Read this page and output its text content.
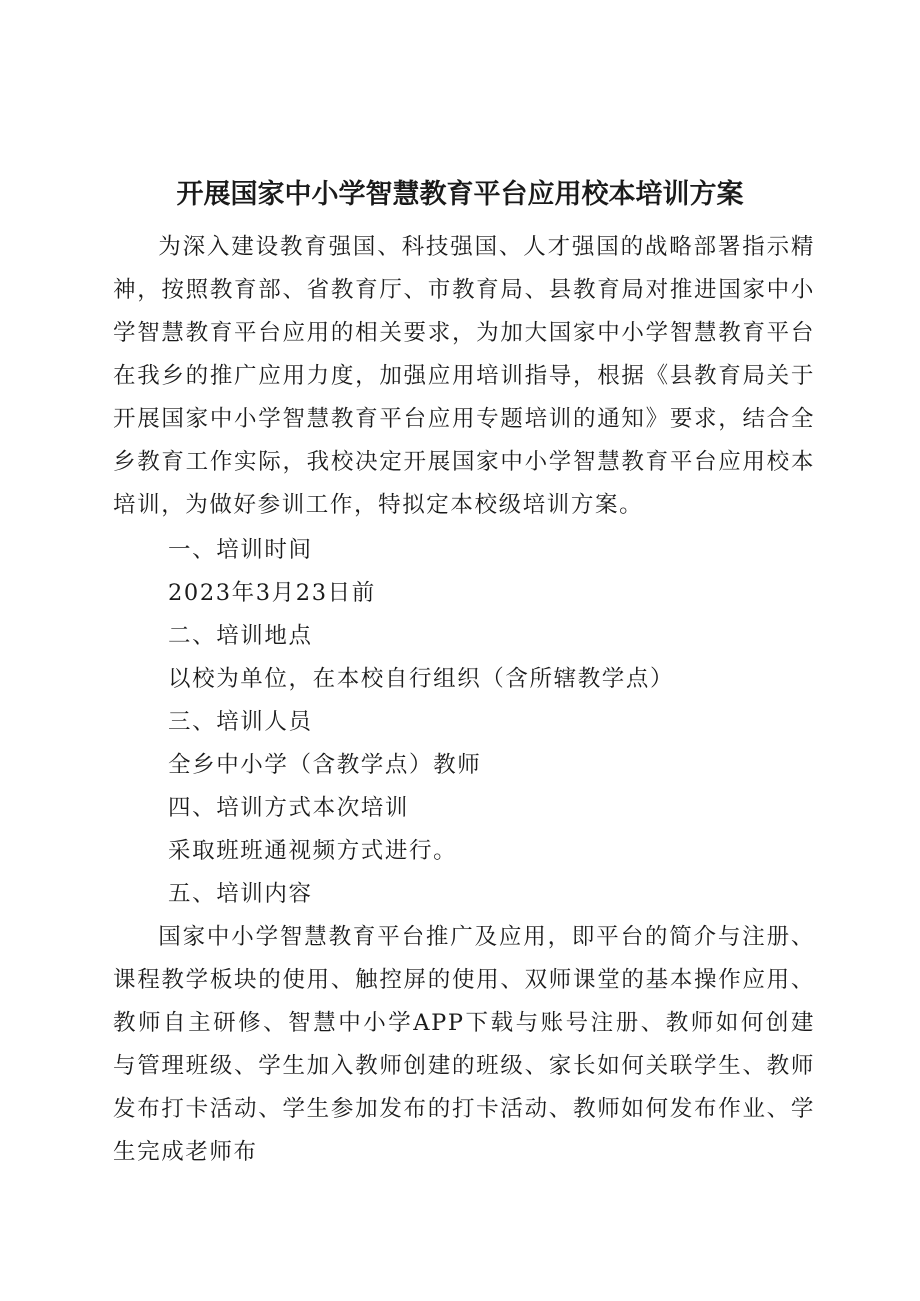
开展国家中小学智慧教育平台应用校本培训方案
为深入建设教育强国、科技强国、人才强国的战略部署指示精神，按照教育部、省教育厅、市教育局、县教育局对推进国家中小学智慧教育平台应用的相关要求，为加大国家中小学智慧教育平台在我乡的推广应用力度，加强应用培训指导，根据《县教育局关于开展国家中小学智慧教育平台应用专题培训的通知》要求，结合全乡教育工作实际，我校决定开展国家中小学智慧教育平台应用校本培训，为做好参训工作，特拟定本校级培训方案。
一、培训时间
2023年3月23日前
二、培训地点
以校为单位，在本校自行组织（含所辖教学点）
三、培训人员
全乡中小学（含教学点）教师
四、培训方式本次培训
采取班班通视频方式进行。
五、培训内容
国家中小学智慧教育平台推广及应用，即平台的简介与注册、课程教学板块的使用、触控屏的使用、双师课堂的基本操作应用、教师自主研修、智慧中小学APP下载与账号注册、教师如何创建与管理班级、学生加入教师创建的班级、家长如何关联学生、教师发布打卡活动、学生参加发布的打卡活动、教师如何发布作业、学生完成老师布
